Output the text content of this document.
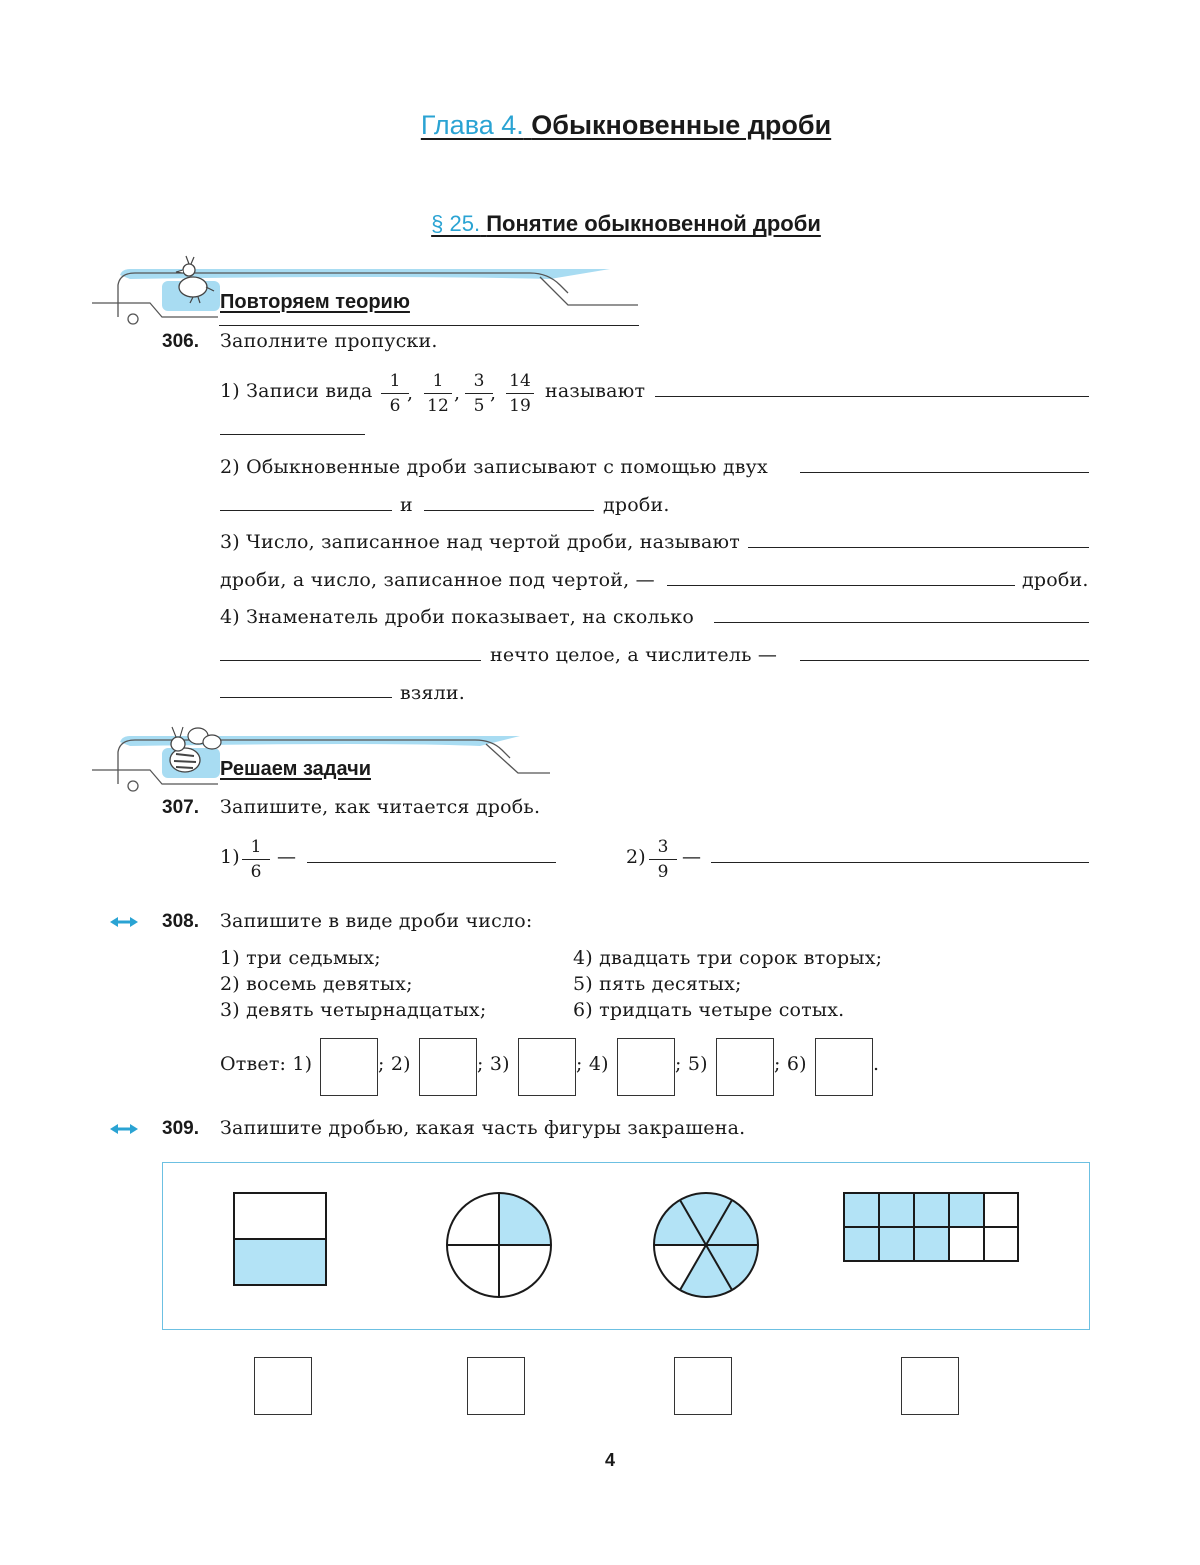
Глава 4. Обыкновенные дроби
§ 25. Понятие обыкновенной дроби
Повторяем теорию
306. Заполните пропуски.
1) Записи вида	1
6
,
1
12
,
3
5
,
14
19
называют
2) Обыкновенные дроби записывают с помощью двух
и	дроби.
3) Число, записанное над чертой дроби, называют
дроби, а число, записанное под чертой, —	дроби.
4) Знаменатель дроби показывает, на сколько
нечто целое, а числитель —
взяли.
Решаем задачи
307. Запишите, как читается дробь.
1) 1
6
—	2) 3
9
—
308. Запишите в виде дроби число:
1) три седьмых;
2) восемь девятых;
3) девять четырнадцатых;
4) двадцать три сорок вторых;
5) пять десятых;
6) тридцать четыре сотых.
Ответ: 1)	; 2)	; 3)	; 4)	; 5)	; 6)	.
309. Запишите дробью, какая часть фигуры закрашена.
4
